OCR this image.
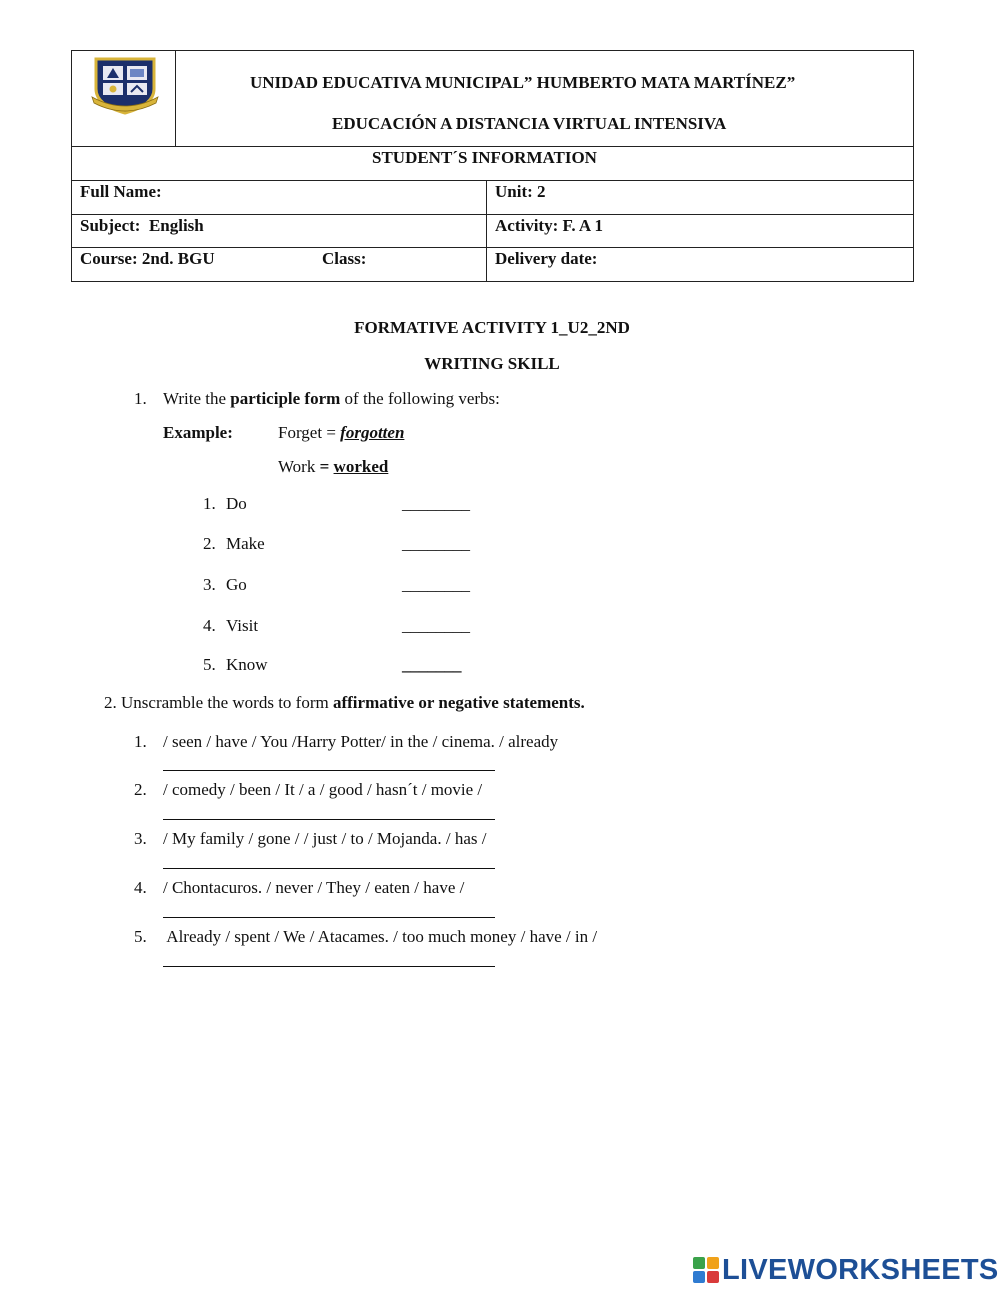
UNIDAD EDUCATIVA MUNICIPAL” HUMBERTO MATA MARTÍNEZ”
EDUCACIÓN A DISTANCIA VIRTUAL INTENSIVA
STUDENT´S INFORMATION
Full Name:	Unit: 2
Subject:  English	Activity: F. A 1
Course: 2nd. BGU	Class:	Delivery date:
FORMATIVE ACTIVITY 1_U2_2ND
WRITING SKILL
1. Write the participle form of the following verbs:
Example:	Forget = forgotten
Work = worked
1. Do	________
2. Make	________
3. Go	________
4. Visit	________
5. Know	_______
2. Unscramble the words to form affirmative or negative statements.
1. / seen / have / You /Harry Potter/ in the / cinema. / already
2. / comedy / been / It / a / good / hasn´t / movie /
3. / My family / gone / / just / to / Mojanda. / has /
4. / Chontacuros. / never / They / eaten / have /
5. Already / spent / We / Atacames. / too much money / have / in /
LIVEWORKSHEETS
